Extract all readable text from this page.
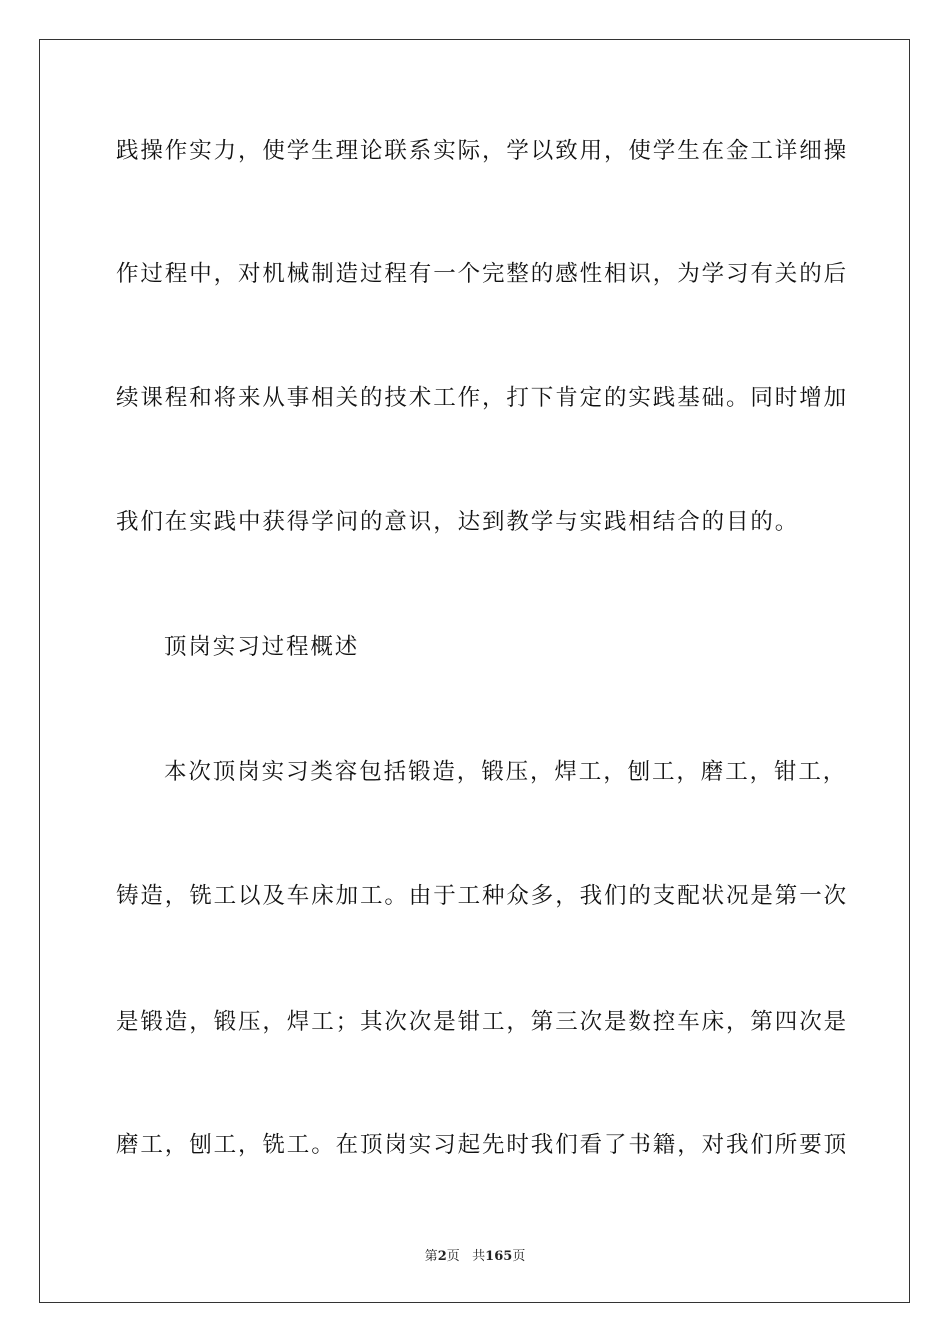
践操作实力，使学生理论联系实际，学以致用，使学生在金工详细操
作过程中，对机械制造过程有一个完整的感性相识，为学习有关的后
续课程和将来从事相关的技术工作，打下肯定的实践基础。同时增加
我们在实践中获得学问的意识，达到教学与实践相结合的目的。
顶岗实习过程概述
本次顶岗实习类容包括锻造，锻压，焊工，刨工，磨工，钳工，
铸造，铣工以及车床加工。由于工种众多，我们的支配状况是第一次
是锻造，锻压，焊工；其次次是钳工，第三次是数控车床，第四次是
磨工，刨工，铣工。在顶岗实习起先时我们看了书籍，对我们所要顶
第2页 共165页
